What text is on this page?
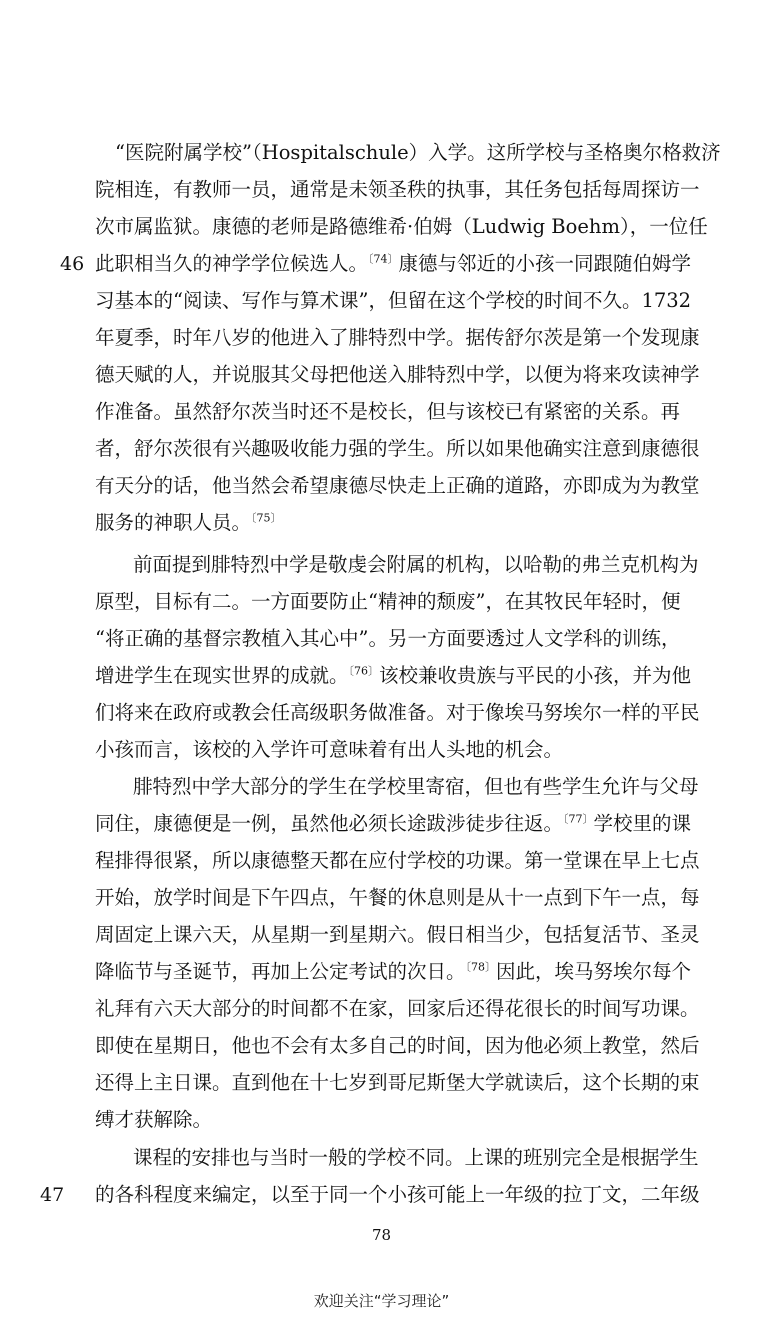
“医院附属学校”（Hospitalschule）入学。这所学校与圣格奥尔格救济
院相连，有教师一员，通常是未领圣秩的执事，其任务包括每周探访一
次市属监狱。康德的老师是路德维希·伯姆（Ludwig Boehm），一位任
46 此职相当久的神学学位候选人。$^{〔74〕}$康德与邻近的小孩一同跟随伯姆学
习基本的“阅读、写作与算术课”，但留在这个学校的时间不久。1732
年夏季，时年八岁的他进入了腓特烈中学。据传舒尔茨是第一个发现康
德天赋的人，并说服其父母把他送入腓特烈中学，以便为将来攻读神学
作准备。虽然舒尔茨当时还不是校长，但与该校已有紧密的关系。再
者，舒尔茨很有兴趣吸收能力强的学生。所以如果他确实注意到康德很
有天分的话，他当然会希望康德尽快走上正确的道路，亦即成为为教堂
服务的神职人员。$^{〔75〕}$
前面提到腓特烈中学是敬虔会附属的机构，以哈勒的弗兰克机构为
原型，目标有二。一方面要防止“精神的颓废”，在其牧民年轻时，便
“将正确的基督宗教植入其心中”。另一方面要透过人文学科的训练，
增进学生在现实世界的成就。$^{〔76〕}$该校兼收贵族与平民的小孩，并为他
们将来在政府或教会任高级职务做准备。对于像埃马努埃尔一样的平民
小孩而言，该校的入学许可意味着有出人头地的机会。
腓特烈中学大部分的学生在学校里寄宿，但也有些学生允许与父母
同住，康德便是一例，虽然他必须长途跋涉徒步往返。$^{〔77〕}$学校里的课
程排得很紧，所以康德整天都在应付学校的功课。第一堂课在早上七点
开始，放学时间是下午四点，午餐的休息则是从十一点到下午一点，每
周固定上课六天，从星期一到星期六。假日相当少，包括复活节、圣灵
降临节与圣诞节，再加上公定考试的次日。$^{〔78〕}$因此，埃马努埃尔每个
礼拜有六天大部分的时间都不在家，回家后还得花很长的时间写功课。
即使在星期日，他也不会有太多自己的时间，因为他必须上教堂，然后
还得上主日课。直到他在十七岁到哥尼斯堡大学就读后，这个长期的束
缚才获解除。
课程的安排也与当时一般的学校不同。上课的班别完全是根据学生
47 的各科程度来编定，以至于同一个小孩可能上一年级的拉丁文，二年级
78
欢迎关注“学习理论”
